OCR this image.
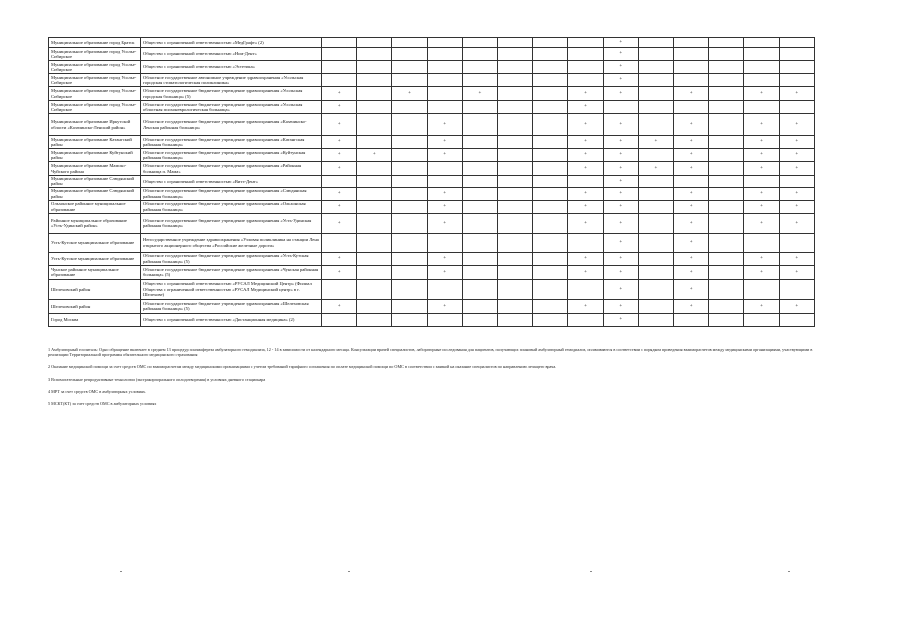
Муниципальное образование город Братск	Общество с ограниченной ответственностью «МедГрафт» (2)									+					
Муниципальное образование город Усолье-Сибирское	Общество с ограниченной ответственностью «Ном-Дент»									+					
Муниципальное образование город Усолье-Сибирское	Общество с ограниченной ответственностью «Эстетика»									+					
Муниципальное образование город Усолье-Сибирское	Областное государственное автономное учреждение здравоохранения «Усольская городская стоматологическая поликлиника»									+					
Муниципальное образование город Усолье-Сибирское	Областное государственное бюджетное учреждение здравоохранения «Усольская городская больница» (5)	+		+		+			+	+		+		+	+
Муниципальное образование город Усолье-Сибирское	Областное государственное бюджетное учреждение здравоохранения «Усольская областная психоневрологическая больница»	+							+						
Муниципальное образование Иркутской области «Казачинско-Ленский район»	Областное государственное бюджетное учреждение здравоохранения «Казачинско-Ленская районная больница»	+			+				+	+		+		+	+
Муниципальное образование Катангский район	Областное государственное бюджетное учреждение здравоохранения «Катангская районная больница»	+			+				+	+	+	+		+	+
Муниципальное образование Куйтунский район	Областное государственное бюджетное учреждение здравоохранения «Куйтунская районная больница»	+	+		+				+	+		+		+	+
Муниципальное образование Мамско-Чуйского района	Областное государственное бюджетное учреждение здравоохранения «Районная больница п. Мама»	+							+	+	+	+		+	+
Муниципальное образование Слюдянский район	Общество с ограниченной ответственностью «Витэ-Дент»									+					
Муниципальное образование Слюдянский район	Областное государственное бюджетное учреждение здравоохранения «Слюдянская районная больница»	+			+				+	+		+		+	+
Ольхонское районное муниципальное образование	Областное государственное бюджетное учреждение здравоохранения «Ольхонская районная больница»	+			+				+	+		+		+	+
Районное муниципальное образование «Усть-Удинский район»	Областное государственное бюджетное учреждение здравоохранения «Усть-Удинская районная больница»	+			+				+	+		+		+	+
Усть-Кутское муниципальное образование	Негосударственное учреждение здравоохранения «Узловая поликлиника на станции Лена открытого акционерного общества «Российские железные дороги»									+		+			
Усть-Кутское муниципальное образование	Областное государственное бюджетное учреждение здравоохранения «Усть-Кутская районная больница» (5)	+			+				+	+		+		+	+
Чунское районное муниципальное образование	Областное государственное бюджетное учреждение здравоохранения «Чунская районная больница» (5)	+			+				+	+		+		+	+
Шелеховский район	Общество с ограниченной ответственностью «РУСАЛ Медицинский Центр» (Филиал Общества с ограниченной ответственностью «РУСАЛ Медицинский центр» в г. Шелехове)									+		+			
Шелеховский район	Областное государственное бюджетное учреждение здравоохранения «Шелеховская районная больница» (5)	+			+				+	+		+		+	+
Город Москва	Общество с ограниченной ответственностью «Дистанционная медицина» (2)									+					
1 Амбулаторный госпиталь: Одно обращение включает в среднем 13 процедур плазмафереза амбулаторного гемодиализа, 12 - 14 в зависимости от календарного месяца. Консультации врачей специалистов, лабораторные исследования для пациентов, получающих плановый амбулаторный гемодиализ, оплачиваются в соответствии с порядком проведения взаиморасчетов между медицинскими организациями, участвующими в реализации Территориальной программы обязательного медицинского страхования
2 Оказание медицинской помощи за счет средств ОМС по взаиморасчетам между медицинскими организациями с учетом требований тарифного соглашения по оплате медицинской помощи по ОМС в соответствии с заявкой на оказание специалистов по направлению лечащего врача.
3 Вспомогательные репродуктивные технологии (экстракорпорального оплодотворения) в условиях дневного стационара
4 МРТ за счет средств ОМС в амбулаторных условиях.
5 МСКТ(КТ) за счет средств ОМС в амбулаторных условиях
